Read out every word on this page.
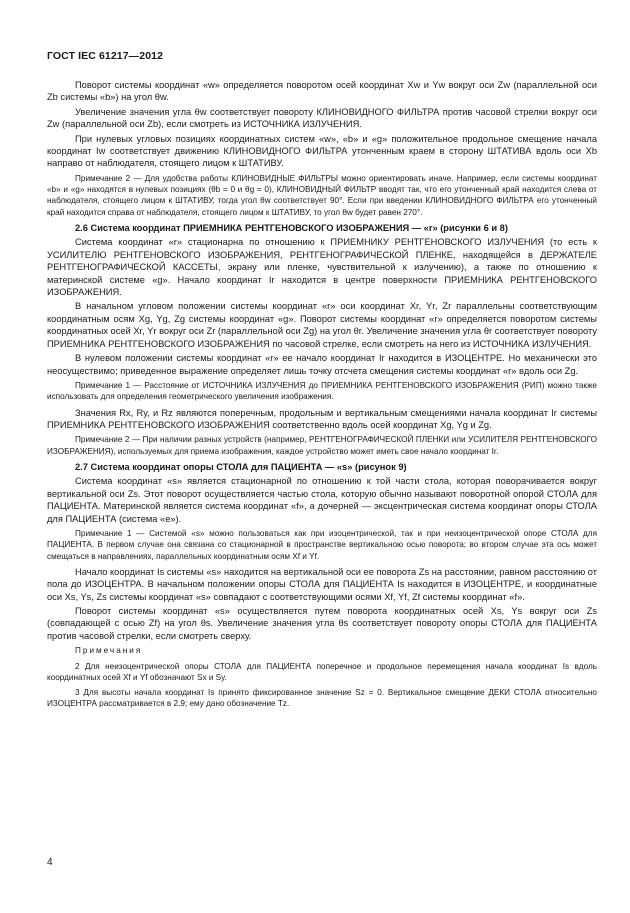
ГОСТ IEC 61217—2012

Поворот системы координат «w» определяется поворотом осей координат Xw и Yw вокруг оси Zw (параллельной оси Zb системы «b») на угол θw.

Увеличение значения угла θw соответствует повороту КЛИНОВИДНОГО ФИЛЬТРА против часовой стрелки вокруг оси Zw (параллельной оси Zb), если смотреть из ИСТОЧНИКА ИЗЛУЧЕНИЯ.

При нулевых угловых позициях координатных систем «w», «b» и «g» положительное продольное смещение начала координат Iw соответствует движению КЛИНОВИДНОГО ФИЛЬТРА утонченным краем в сторону ШТАТИВА вдоль оси Xb направо от наблюдателя, стоящего лицом к ШТАТИВУ.

Примечание 2 — Для удобства работы КЛИНОВИДНЫЕ ФИЛЬТРЫ можно ориентировать иначе. Например, если системы координат «b» и «g» находятся в нулевых позициях (θb = 0 и θg = 0), КЛИНОВИДНЫЙ ФИЛЬТР вводят так, что его утонченный край находится слева от наблюдателя, стоящего лицом к ШТАТИВУ, тогда угол θw соответствует 90°. Если при введении КЛИНОВИДНОГО ФИЛЬТРА его утонченный край находится справа от наблюдателя, стоящего лицом к ШТАТИВУ, то угол θw будет равен 270°.

2.6 Система координат ПРИЕМНИКА РЕНТГЕНОВСКОГО ИЗОБРАЖЕНИЯ — «r» (рисунки 6 и 8)

Система координат «r» стационарна по отношению к ПРИЕМНИКУ РЕНТГЕНОВСКОГО ИЗЛУЧЕНИЯ (то есть к УСИЛИТЕЛЮ РЕНТГЕНОВСКОГО ИЗОБРАЖЕНИЯ, РЕНТГЕНОГРАФИЧЕСКОЙ ПЛЕНКЕ, находящейся в ДЕРЖАТЕЛЕ РЕНТГЕНОГРАФИЧЕСКОЙ КАССЕТЫ, экрану или пленке, чувствительной к излучению), а также по отношению к материнской системе «g». Начало координат Ir находится в центре поверхности ПРИЕМНИКА РЕНТГЕНОВСКОГО ИЗОБРАЖЕНИЯ.

В начальном угловом положении системы координат «r» оси координат Xr, Yr, Zr параллельны соответствующим координатным осям Xg, Yg, Zg системы координат «g». Поворот системы координат «r» определяется поворотом системы координатных осей Xr, Yr вокруг оси Zr (параллельной оси Zg) на угол θr. Увеличение значения угла θr соответствует повороту ПРИЕМНИКА РЕНТГЕНОВСКОГО ИЗОБРАЖЕНИЯ по часовой стрелке, если смотреть на него из ИСТОЧНИКА ИЗЛУЧЕНИЯ.

В нулевом положении системы координат «r» ее начало координат Ir находится в ИЗОЦЕНТРЕ. Но механически это неосуществимо; приведенное выражение определяет лишь точку отсчета смещения системы координат «r» вдоль оси Zg.

Примечание 1 — Расстояние от ИСТОЧНИКА ИЗЛУЧЕНИЯ до ПРИЕМНИКА РЕНТГЕНОВСКОГО ИЗОБРАЖЕНИЯ (РИП) можно также использовать для определения геометрического увеличения изображения.

Значения Rx, Ry, и Rz являются поперечным, продольным и вертикальным смещениями начала координат Ir системы ПРИЕМНИКА РЕНТГЕНОВСКОГО ИЗОБРАЖЕНИЯ соответственно вдоль осей координат Xg, Yg и Zg.

Примечание 2 — При наличии разных устройств (например, РЕНТГЕНОГРАФИЧЕСКОЙ ПЛЕНКИ или УСИЛИТЕЛЯ РЕНТГЕНОВСКОГО ИЗОБРАЖЕНИЯ), используемых для приема изображения, каждое устройство может иметь свое начало координат Ir.

2.7 Система координат опоры СТОЛА для ПАЦИЕНТА — «s» (рисунок 9)

Система координат «s» является стационарной по отношению к той части стола, которая поворачивается вокруг вертикальной оси Zs. Этот поворот осуществляется частью стола, которую обычно называют поворотной опорой СТОЛА для ПАЦИЕНТА. Материнской является система координат «f», а дочерней — эксцентрическая система координат опоры СТОЛА для ПАЦИЕНТА (система «e»).

Примечание 1 — Системой «s» можно пользоваться как при изоцентрической, так и при неизоцентрической опоре СТОЛА для ПАЦИЕНТА. В первом случае она связана со стационарной в пространстве вертикальною осью поворота; во втором случае эта ось может смещаться в направлениях, параллельных координатным осям Xf и Yf.

Начало координат Is системы «s» находится на вертикальной оси ее поворота Zs на расстоянии, равном расстоянию от пола до ИЗОЦЕНТРА. В начальном положении опоры СТОЛА для ПАЦИЕНТА Is находится в ИЗОЦЕНТРЕ, и координатные оси Xs, Ys, Zs системы координат «s» совпадают с соответствующими осями Xf, Yf, Zf системы координат «f».

Поворот системы координат «s» осуществляется путем поворота координатных осей Xs, Ys вокруг оси Zs (совпадающей с осью Zf) на угол θs. Увеличение значения угла θs соответствует повороту опоры СТОЛА для ПАЦИЕНТА против часовой стрелки, если смотреть сверху.

Примечания

2 Для неизоцентрической опоры СТОЛА для ПАЦИЕНТА поперечное и продольное перемещения начала координат Is вдоль координатных осей Xf и Yf обозначают Sx и Sy.

3 Для высоты начала координат Is принято фиксированное значение Sz = 0. Вертикальное смещение ДЕКИ СТОЛА относительно ИЗОЦЕНТРА рассматривается в 2.9; ему дано обозначение Tz.

4
